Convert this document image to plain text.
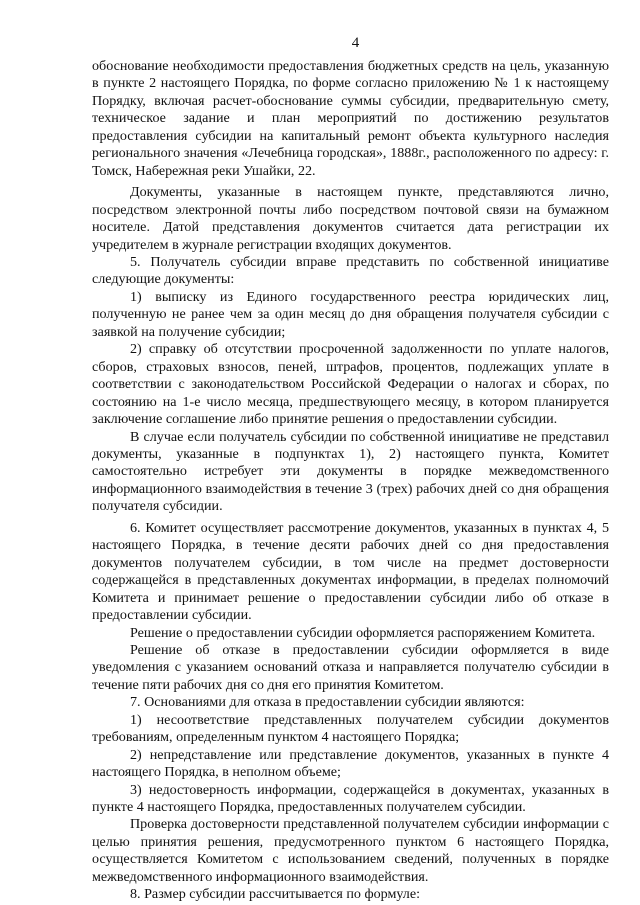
4

обоснование необходимости предоставления бюджетных средств на цель, указанную в пункте 2 настоящего Порядка, по форме согласно приложению № 1 к настоящему Порядку, включая расчет-обоснование суммы субсидии, предварительную смету, техническое задание и план мероприятий по достижению результатов предоставления субсидии на капитальный ремонт объекта культурного наследия регионального значения «Лечебница городская», 1888г., расположенного по адресу: г. Томск, Набережная реки Ушайки, 22.

Документы, указанные в настоящем пункте, представляются лично, посредством электронной почты либо посредством почтовой связи на бумажном носителе. Датой представления документов считается дата регистрации их учредителем в журнале регистрации входящих документов.

5. Получатель субсидии вправе представить по собственной инициативе следующие документы:

1) выписку из Единого государственного реестра юридических лиц, полученную не ранее чем за один месяц до дня обращения получателя субсидии с заявкой на получение субсидии;

2) справку об отсутствии просроченной задолженности по уплате налогов, сборов, страховых взносов, пеней, штрафов, процентов, подлежащих уплате в соответствии с законодательством Российской Федерации о налогах и сборах, по состоянию на 1-е число месяца, предшествующего месяцу, в котором планируется заключение соглашение либо принятие решения о предоставлении субсидии.

В случае если получатель субсидии по собственной инициативе не представил документы, указанные в подпунктах 1), 2) настоящего пункта, Комитет самостоятельно истребует эти документы в порядке межведомственного информационного взаимодействия в течение 3 (трех) рабочих дней со дня обращения получателя субсидии.

6. Комитет осуществляет рассмотрение документов, указанных в пунктах 4, 5 настоящего Порядка, в течение десяти рабочих дней со дня предоставления документов получателем субсидии, в том числе на предмет достоверности содержащейся в представленных документах информации, в пределах полномочий Комитета и принимает решение о предоставлении субсидии либо об отказе в предоставлении субсидии.

Решение о предоставлении субсидии оформляется распоряжением Комитета.

Решение об отказе в предоставлении субсидии оформляется в виде уведомления с указанием оснований отказа и направляется получателю субсидии в течение пяти рабочих дня со дня его принятия Комитетом.

7. Основаниями для отказа в предоставлении субсидии являются:

1) несоответствие представленных получателем субсидии документов требованиям, определенным пунктом 4 настоящего Порядка;

2) непредставление или представление документов, указанных в пункте 4 настоящего Порядка, в неполном объеме;

3) недостоверность информации, содержащейся в документах, указанных в пункте 4 настоящего Порядка, предоставленных получателем субсидии.

Проверка достоверности представленной получателем субсидии информации с целью принятия решения, предусмотренного пунктом 6 настоящего Порядка, осуществляется Комитетом с использованием сведений, полученных в порядке межведомственного информационного взаимодействия.

8. Размер субсидии рассчитывается по формуле:
